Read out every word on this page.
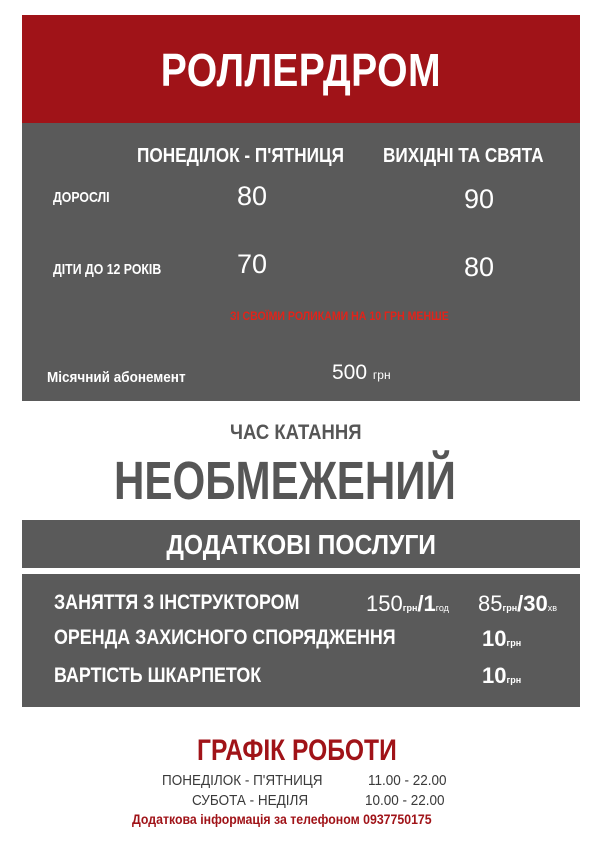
РОЛЛЕРДРОМ
ПОНЕДІЛОК - П'ЯТНИЦЯ	ВИХІДНІ ТА СВЯТА
ДОРОСЛІ	80	90
ДІТИ ДО 12 РОКІВ	70	80
ЗІ СВОЇМИ РОЛИКАМИ НА 10 ГРН МЕНШЕ
Місячний абонемент	500 грн
ЧАС КАТАННЯ
НЕОБМЕЖЕНИЙ
ДОДАТКОВІ ПОСЛУГИ
ЗАНЯТТЯ З ІНСТРУКТОРОМ	150грн/1год 85грн/30хв
ОРЕНДА ЗАХИСНОГО СПОРЯДЖЕННЯ	10грн
ВАРТІСТЬ ШКАРПЕТОК	10грн
ГРАФІК РОБОТИ
ПОНЕДІЛОК - П'ЯТНИЦЯ	11.00 - 22.00
СУБОТА - НЕДІЛЯ	10.00 - 22.00
Додаткова інформація за телефоном 0937750175
